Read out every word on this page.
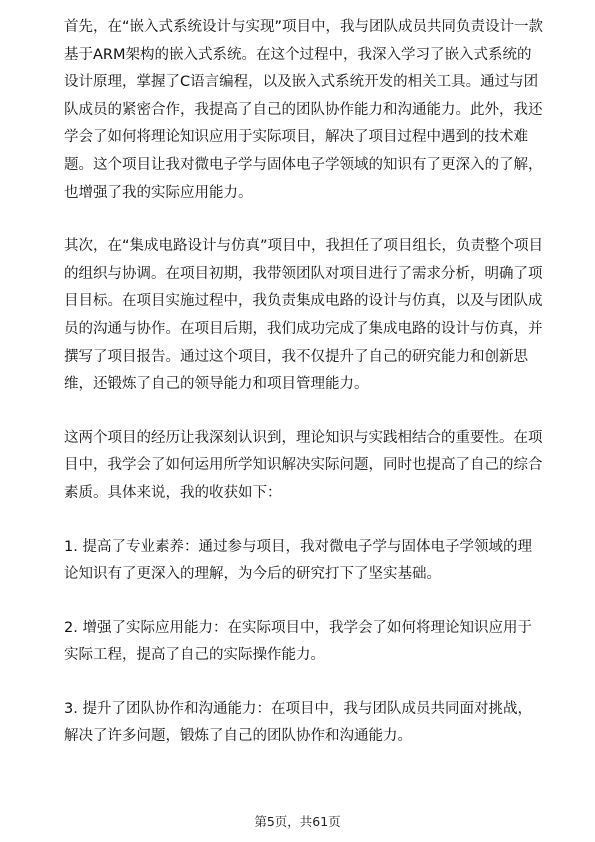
首先，在“嵌入式系统设计与实现”项目中，我与团队成员共同负责设计一款基于ARM架构的嵌入式系统。在这个过程中，我深入学习了嵌入式系统的设计原理，掌握了C语言编程，以及嵌入式系统开发的相关工具。通过与团队成员的紧密合作，我提高了自己的团队协作能力和沟通能力。此外，我还学会了如何将理论知识应用于实际项目，解决了项目过程中遇到的技术难题。这个项目让我对微电子学与固体电子学领域的知识有了更深入的了解，也增强了我的实际应用能力。

其次，在“集成电路设计与仿真”项目中，我担任了项目组长，负责整个项目的组织与协调。在项目初期，我带领团队对项目进行了需求分析，明确了项目目标。在项目实施过程中，我负责集成电路的设计与仿真，以及与团队成员的沟通与协作。在项目后期，我们成功完成了集成电路的设计与仿真，并撰写了项目报告。通过这个项目，我不仅提升了自己的研究能力和创新思维，还锻炼了自己的领导能力和项目管理能力。

这两个项目的经历让我深刻认识到，理论知识与实践相结合的重要性。在项目中，我学会了如何运用所学知识解决实际问题，同时也提高了自己的综合素质。具体来说，我的收获如下：

1. 提高了专业素养：通过参与项目，我对微电子学与固体电子学领域的理论知识有了更深入的理解，为今后的研究打下了坚实基础。

2. 增强了实际应用能力：在实际项目中，我学会了如何将理论知识应用于实际工程，提高了自己的实际操作能力。

3. 提升了团队协作和沟通能力：在项目中，我与团队成员共同面对挑战，解决了许多问题，锻炼了自己的团队协作和沟通能力。

第5页，共61页
